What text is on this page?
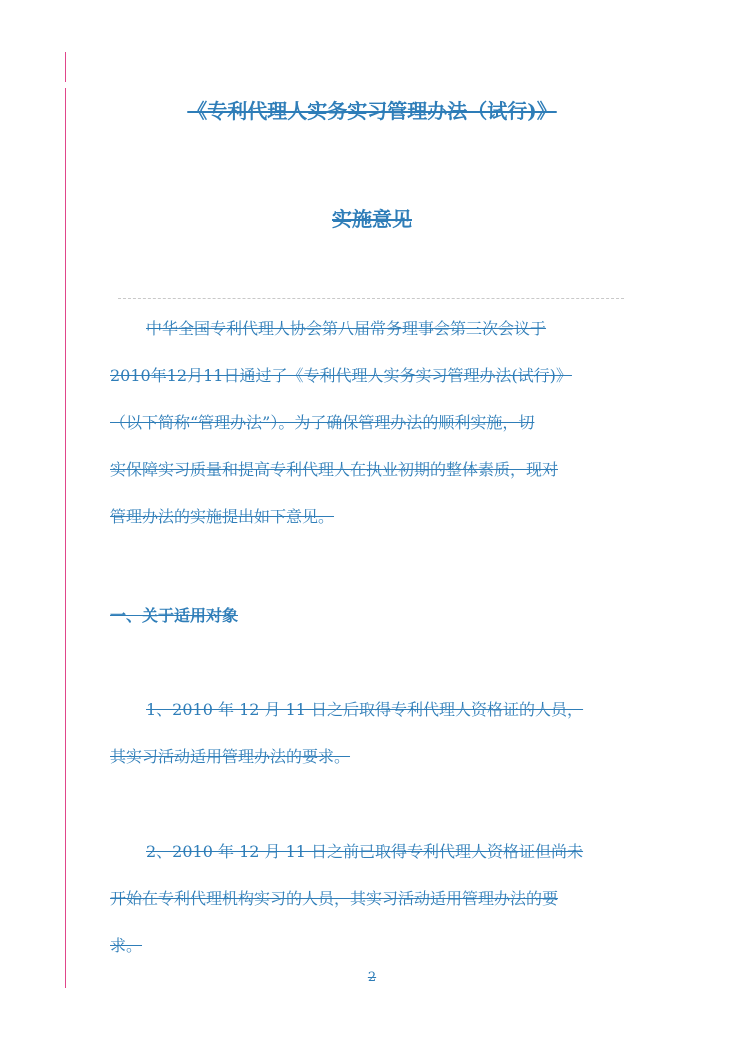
《专利代理人实务实习管理办法（试行)》
实施意见
中华全国专利代理人协会第八届常务理事会第三次会议于
2010年12月11日通过了《专利代理人实务实习管理办法(试行)》
（以下简称“管理办法”）。为了确保管理办法的顺利实施，切
实保障实习质量和提高专利代理人在执业初期的整体素质，现对
管理办法的实施提出如下意见。
一、关于适用对象
1、2010 年 12 月 11 日之后取得专利代理人资格证的人员，
其实习活动适用管理办法的要求。
2、2010 年 12 月 11 日之前已取得专利代理人资格证但尚未
开始在专利代理机构实习的人员，其实习活动适用管理办法的要
求。
2
